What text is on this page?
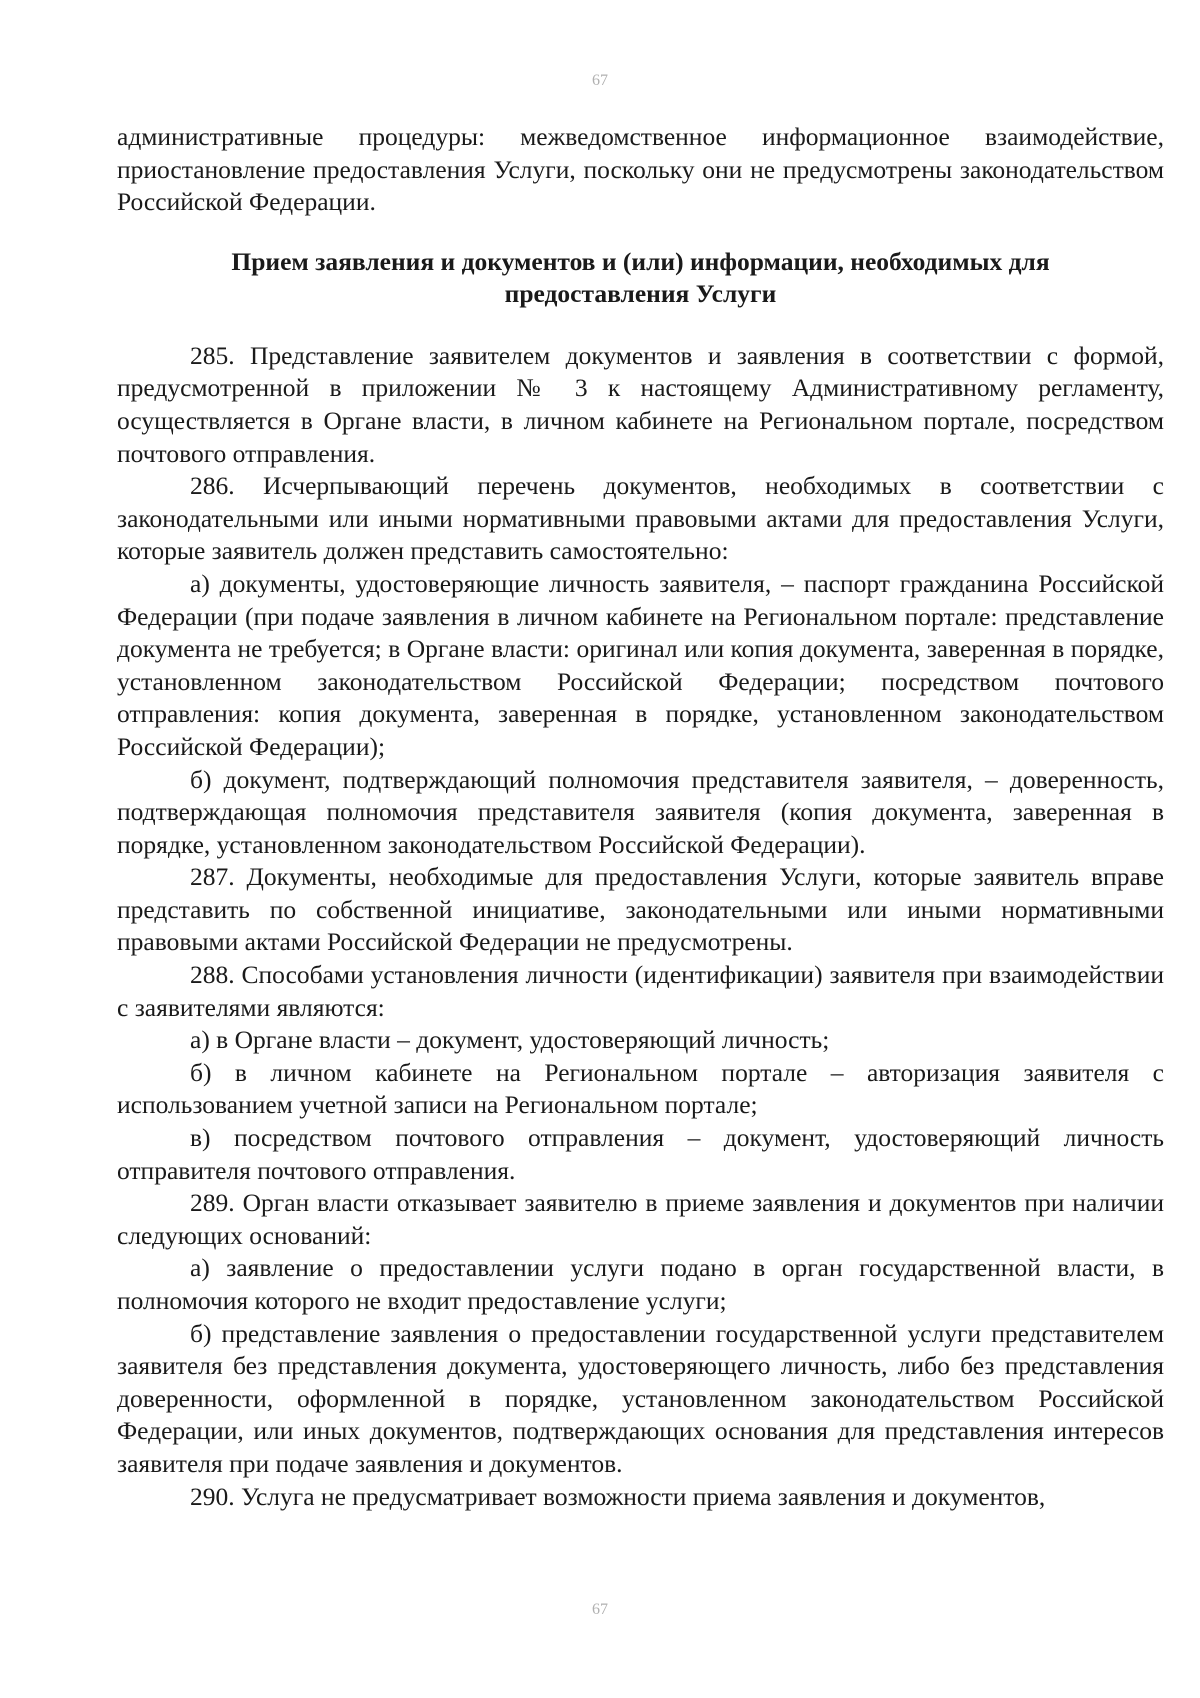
67

административные процедуры: межведомственное информационное взаимодействие, приостановление предоставления Услуги, поскольку они не предусмотрены законодательством Российской Федерации.

Прием заявления и документов и (или) информации, необходимых для
предоставления Услуги

285. Представление заявителем документов и заявления в соответствии с формой, предусмотренной в приложении № 3 к настоящему Административному регламенту, осуществляется в Органе власти, в личном кабинете на Региональном портале, посредством почтового отправления.

286. Исчерпывающий перечень документов, необходимых в соответствии с законодательными или иными нормативными правовыми актами для предоставления Услуги, которые заявитель должен представить самостоятельно:

а) документы, удостоверяющие личность заявителя, – паспорт гражданина Российской Федерации (при подаче заявления в личном кабинете на Региональном портале: представление документа не требуется; в Органе власти: оригинал или копия документа, заверенная в порядке, установленном законодательством Российской Федерации; посредством почтового отправления: копия документа, заверенная в порядке, установленном законодательством Российской Федерации);

б) документ, подтверждающий полномочия представителя заявителя, – доверенность, подтверждающая полномочия представителя заявителя (копия документа, заверенная в порядке, установленном законодательством Российской Федерации).

287. Документы, необходимые для предоставления Услуги, которые заявитель вправе представить по собственной инициативе, законодательными или иными нормативными правовыми актами Российской Федерации не предусмотрены.

288. Способами установления личности (идентификации) заявителя при взаимодействии с заявителями являются:

а) в Органе власти – документ, удостоверяющий личность;

б) в личном кабинете на Региональном портале – авторизация заявителя с использованием учетной записи на Региональном портале;

в) посредством почтового отправления – документ, удостоверяющий личность отправителя почтового отправления.

289. Орган власти отказывает заявителю в приеме заявления и документов при наличии следующих оснований:

а) заявление о предоставлении услуги подано в орган государственной власти, в полномочия которого не входит предоставление услуги;

б) представление заявления о предоставлении государственной услуги представителем заявителя без представления документа, удостоверяющего личность, либо без представления доверенности, оформленной в порядке, установленном законодательством Российской Федерации, или иных документов, подтверждающих основания для представления интересов заявителя при подаче заявления и документов.

290. Услуга не предусматривает возможности приема заявления и документов,

67
